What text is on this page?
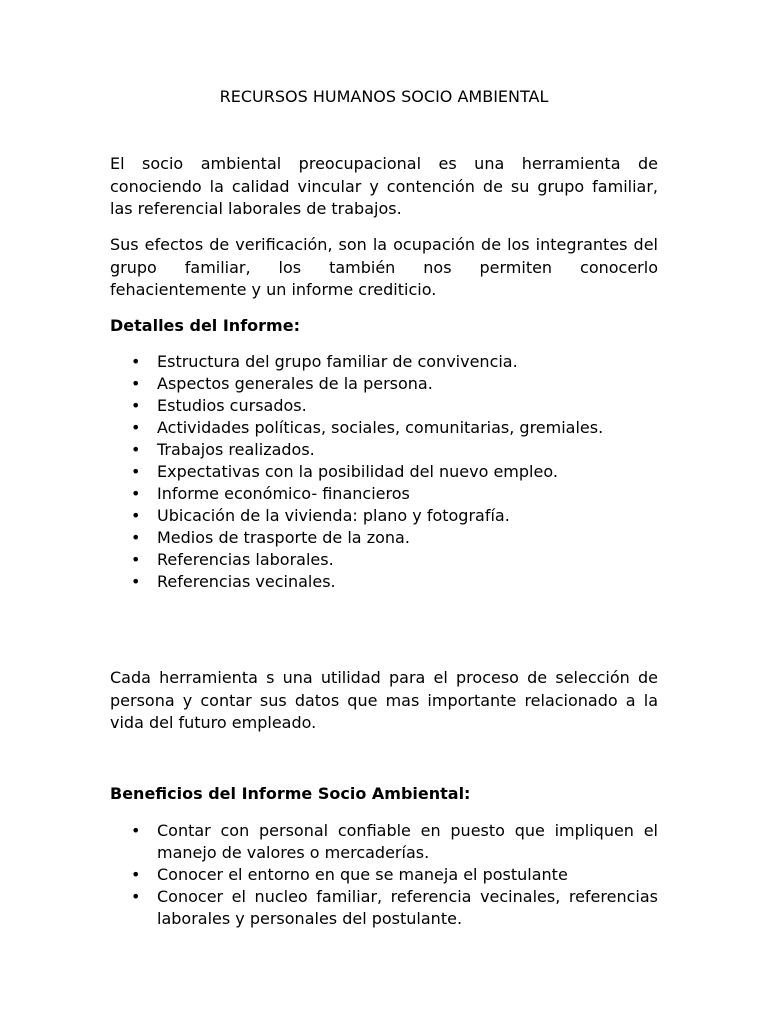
RECURSOS HUMANOS SOCIO AMBIENTAL

El socio ambiental preocupacional es una herramienta de conociendo la calidad vincular y contención de su grupo familiar, las referencial laborales de trabajos.

Sus efectos de verificación, son la ocupación de los integrantes del grupo familiar, los también nos permiten conocerlo fehacientemente y un informe crediticio.

Detalles del Informe:
• Estructura del grupo familiar de convivencia.
• Aspectos generales de la persona.
• Estudios cursados.
• Actividades políticas, sociales, comunitarias, gremiales.
• Trabajos realizados.
• Expectativas con la posibilidad del nuevo empleo.
• Informe económico- financieros
• Ubicación de la vivienda: plano y fotografía.
• Medios de trasporte de la zona.
• Referencias laborales.
• Referencias vecinales.

Cada herramienta s una utilidad para el proceso de selección de persona y contar sus datos que mas importante relacionado a la vida del futuro empleado.

Beneficios del Informe Socio Ambiental:
• Contar con personal confiable en puesto que impliquen el manejo de valores o mercaderías.
• Conocer el entorno en que se maneja el postulante
• Conocer el nucleo familiar, referencia vecinales, referencias laborales y personales del postulante.
